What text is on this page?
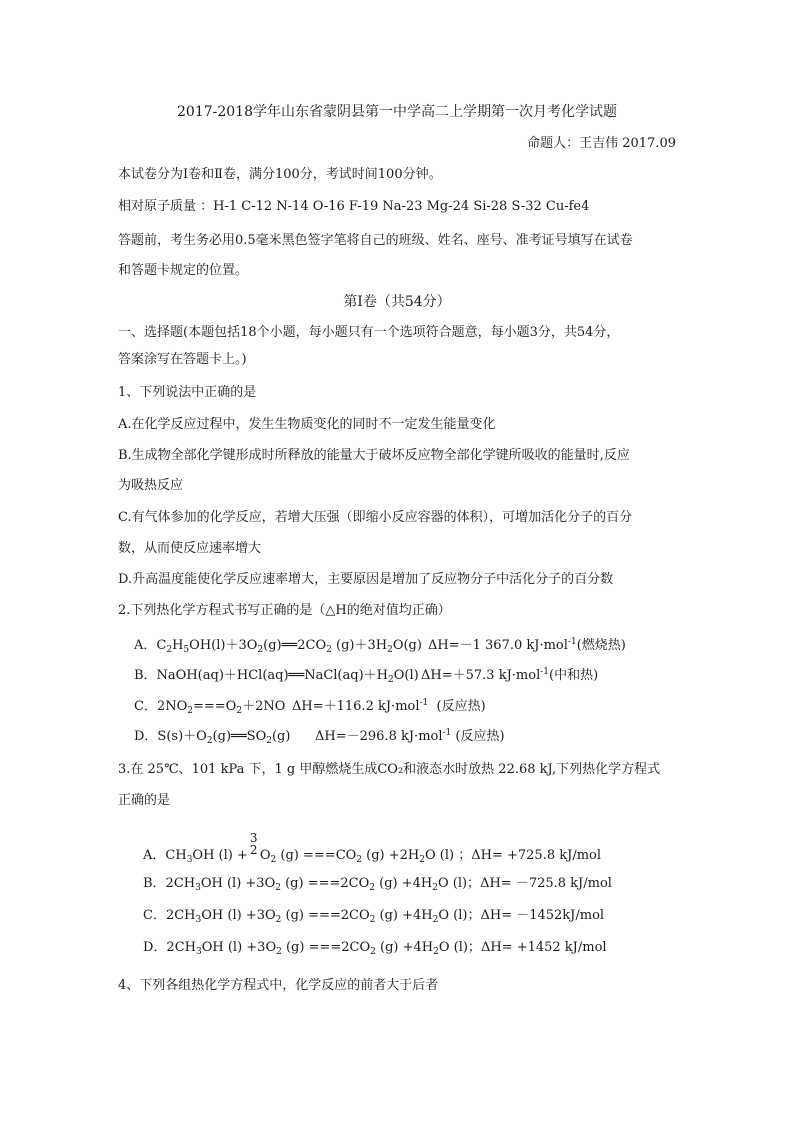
2017-2018学年山东省蒙阴县第一中学高二上学期第一次月考化学试题
命题人：王吉伟 2017.09
本试卷分为Ⅰ卷和Ⅱ卷，满分100分，考试时间100分钟。
相对原子质量 ：H-1 C-12 N-14 O-16 F-19 Na-23 Mg-24 Si-28 S-32 Cu-fe4
答题前，考生务必用0.5毫米黑色签字笔将自己的班级、姓名、座号、准考证号填写在试卷
和答题卡规定的位置。
第Ⅰ卷（共54分）
一、选择题(本题包括18个小题，每小题只有一个选项符合题意，每小题3分，共54分，
答案涂写在答题卡上。)
1、下列说法中正确的是
A.在化学反应过程中，发生生物质变化的同时不一定发生能量变化
B.生成物全部化学键形成时所释放的能量大于破坏反应物全部化学键所吸收的能量时,反应
为吸热反应
C.有气体参加的化学反应，若增大压强（即缩小反应容器的体积），可增加活化分子的百分
数，从而使反应速率增大
D.升高温度能使化学反应速率增大，主要原因是增加了反应物分子中活化分子的百分数
2.下列热化学方程式书写正确的是（△H的绝对值均正确）
A．$C_2H_5OH(l)+3O_2(g)══2CO_2$ $(g)+3H_2O(g)$ ΔH=－1 367.0 kJ·mol$^{-1}$(燃烧热)
B．$NaOH(aq)+HCl(aq)══NaCl(aq)+H_2O(l)$ ΔH=＋57.3 kJ·mol$^{-1}$(中和热)
C．$2NO_2===O_2+2NO$ ΔH=＋116.2 kJ·mol$^{-1}$ (反应热)
D．$S(s)+O_2(g)══SO_2(g)$ ΔH=－296.8 kJ·mol$^{-1}$ (反应热)
3.在 25℃、101 kPa 下，1 g 甲醇燃烧生成CO₂和液态水时放热 22.68 kJ,下列热化学方程式
正确的是
A．$CH_3OH$ (l) +
3
2 $O_2$ $(g) ===CO_2$ $(g) +2H_2O$ (l) ；ΔH= +725.8 kJ/mol
B．$2CH_3OH$ $(l) +3O_2$ $(g) ===2CO_2$ $(g) +4H_2O$ (l)；ΔH= －725.8 kJ/mol
C．$2CH_3OH$ $(l) +3O_2$ $(g) ===2CO_2$ $(g) +4H_2O$ (l)；ΔH= －1452kJ/mol
D．$2CH_3OH$ $(l) +3O_2$ $(g) ===2CO_2$ $(g) +4H_2O$ (l)；ΔH= +1452 kJ/mol
4、下列各组热化学方程式中，化学反应的前者大于后者
